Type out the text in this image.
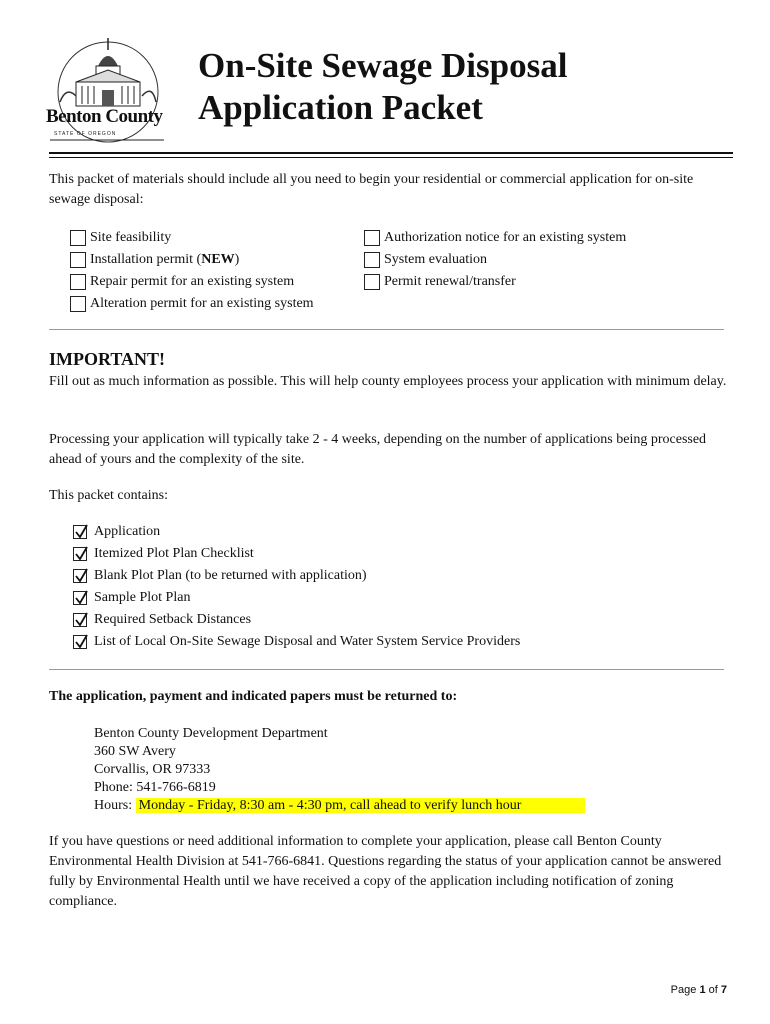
Benton County
STATE OF OREGON
On-Site Sewage Disposal
Application Packet

This packet of materials should include all you need to begin your residential or commercial application for on-site sewage disposal:

Site feasibility
Installation permit (NEW)
Repair permit for an existing system
Alteration permit for an existing system
Authorization notice for an existing system
System evaluation
Permit renewal/transfer
IMPORTANT!

Fill out as much information as possible. This will help county employees process your application with minimum delay.

Processing your application will typically take 2 - 4 weeks, depending on the number of applications being processed ahead of yours and the complexity of the site.

This packet contains:

Application
Itemized Plot Plan Checklist
Blank Plot Plan (to be returned with application)
Sample Plot Plan
Required Setback Distances
List of Local On-Site Sewage Disposal and Water System Service Providers

The application, payment and indicated papers must be returned to:

Benton County Development Department
360 SW Avery
Corvallis, OR 97333
Phone: 541-766-6819
Hours: Monday - Friday, 8:30 am - 4:30 pm, call ahead to verify lunch hour

If you have questions or need additional information to complete your application, please call Benton County Environmental Health Division at 541-766-6841. Questions regarding the status of your application cannot be answered fully by Environmental Health until we have received a copy of the application including notification of zoning compliance.

Page 1 of 7
